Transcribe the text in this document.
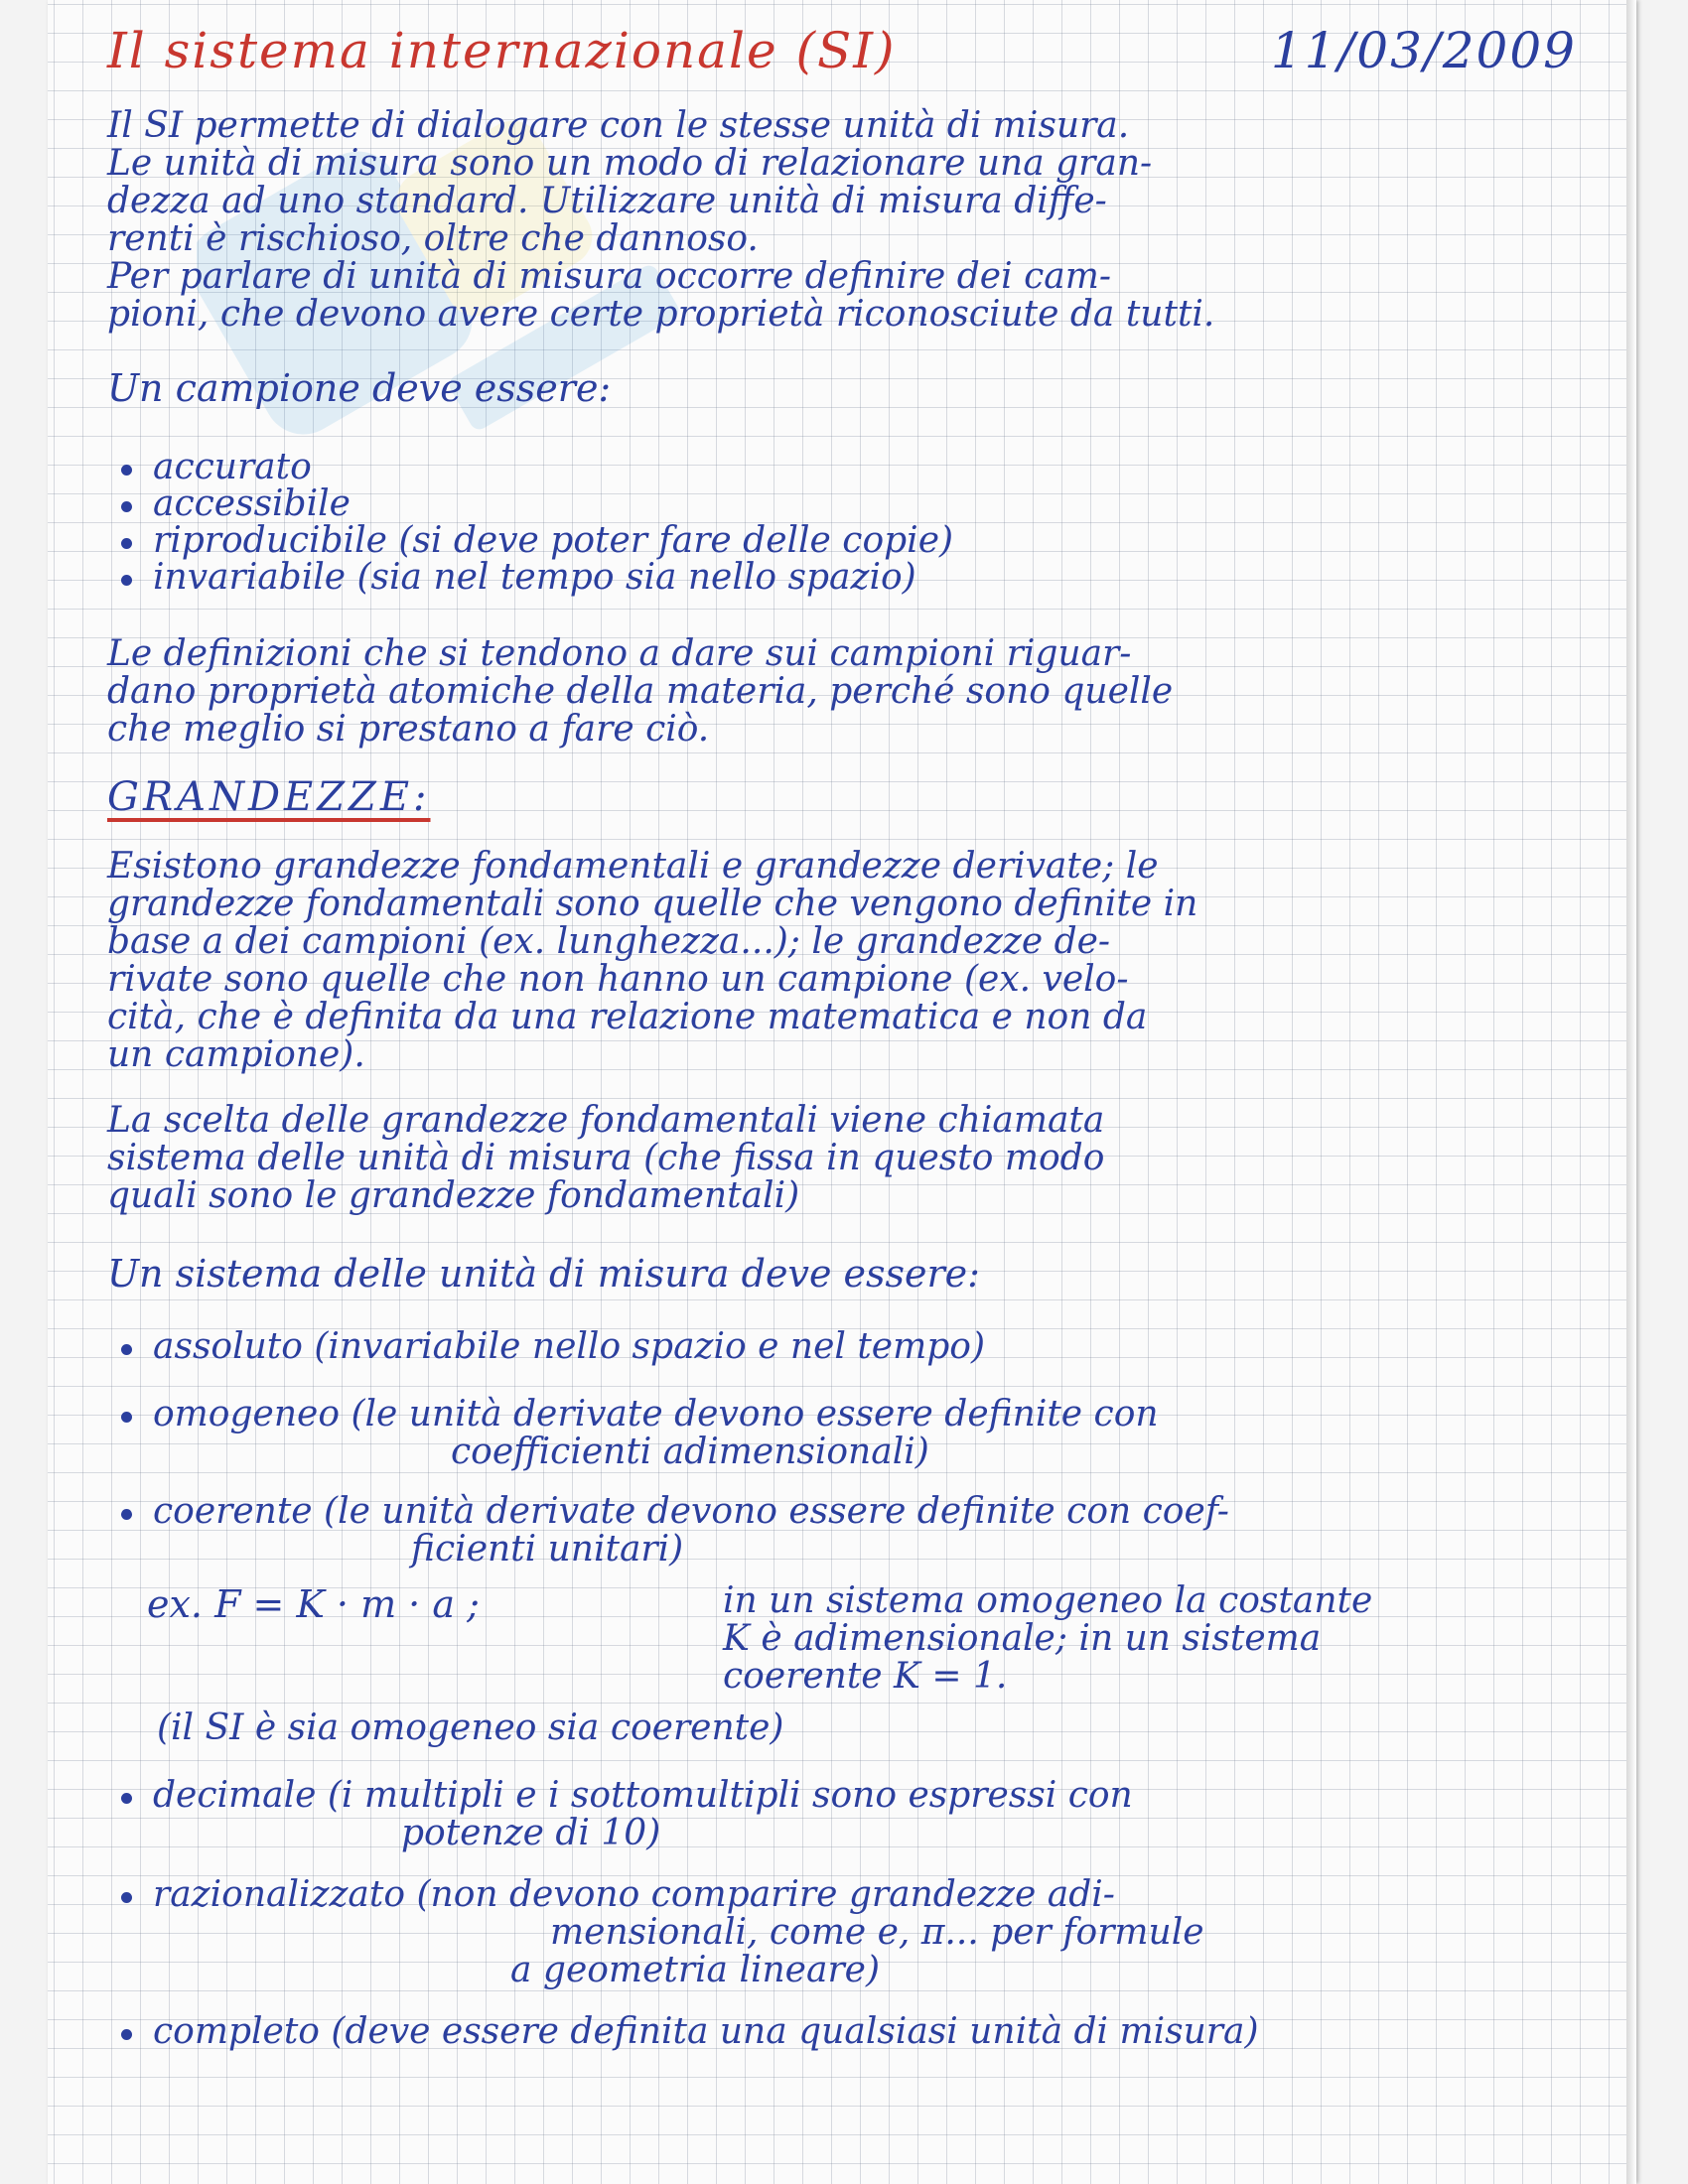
Il sistema internazionale (SI)	11/03/2009

Il SI permette di dialogare con le stesse unità di misura.
Le unità di misura sono un modo di relazionare una gran-
dezza ad uno standard. Utilizzare unità di misura diffe-
renti è rischioso, oltre che dannoso.
Per parlare di unità di misura occorre definire dei cam-
pioni, che devono avere certe proprietà riconosciute da tutti.

Un campione deve essere:
accurato
accessibile
riproducibile (si deve poter fare delle copie)
invariabile (sia nel tempo sia nello spazio)

Le definizioni che si tendono a dare sui campioni riguar-
dano proprietà atomiche della materia, perché sono quelle
che meglio si prestano a fare ciò.

GRANDEZZE:

Esistono grandezze fondamentali e grandezze derivate; le
grandezze fondamentali sono quelle che vengono definite in
base a dei campioni (ex. lunghezza...); le grandezze de-
rivate sono quelle che non hanno un campione (ex. velo-
cità, che è definita da una relazione matematica e non da
un campione).

La scelta delle grandezze fondamentali viene chiamata
sistema delle unità di misura (che fissa in questo modo
quali sono le grandezze fondamentali)

Un sistema delle unità di misura deve essere:
assoluto (invariabile nello spazio e nel tempo)
omogeneo (le unità derivate devono essere definite con
coefficienti adimensionali)
coerente (le unità derivate devono essere definite con coef-
ficienti unitari)
ex. F = K · m · a ;	in un sistema omogeneo la costante
K è adimensionale; in un sistema
coerente K = 1.
(il SI è sia omogeneo sia coerente)
decimale (i multipli e i sottomultipli sono espressi con
potenze di 10)
razionalizzato (non devono comparire grandezze adi-
mensionali, come e, π... per formule
a geometria lineare)
completo (deve essere definita una qualsiasi unità di misura)
